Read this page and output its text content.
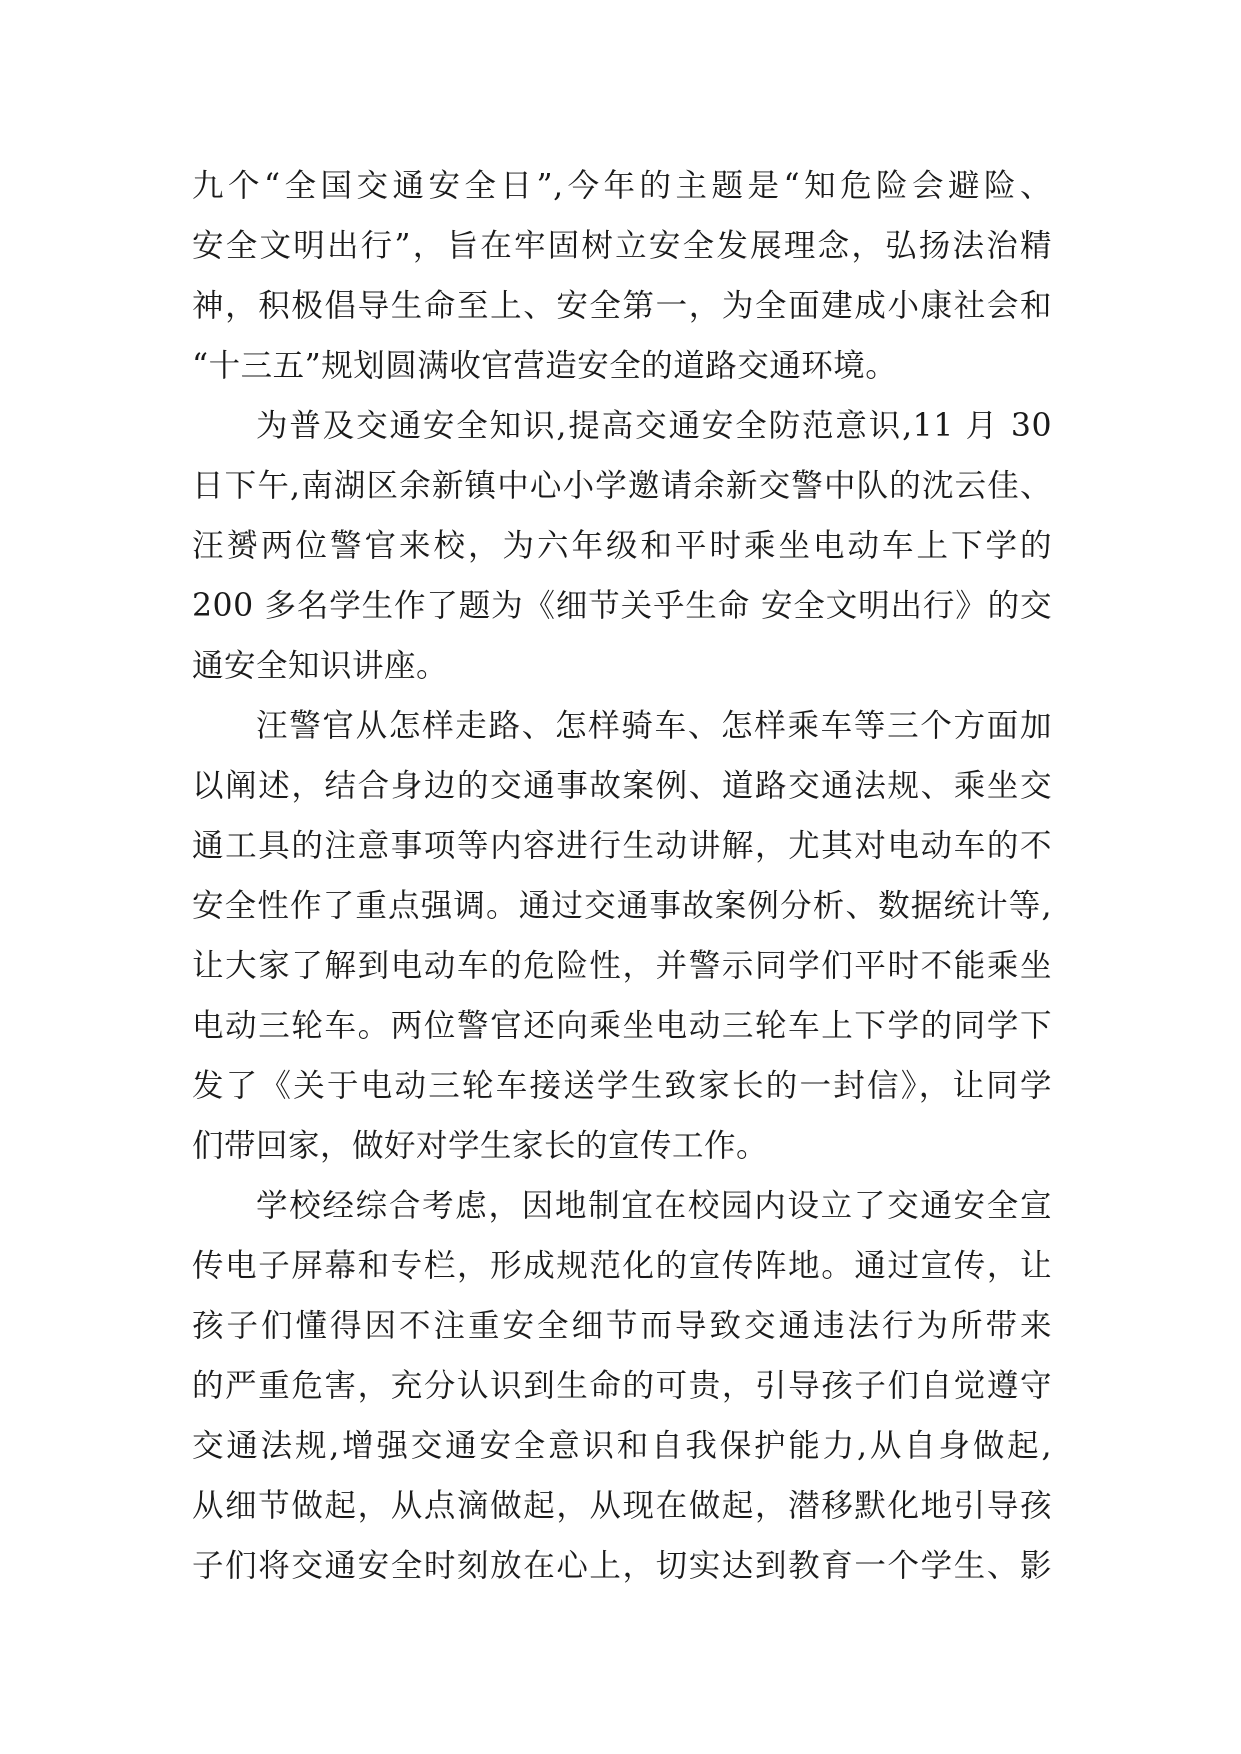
九个“全国交通安全日”,今年的主题是“知危险会避险、
安全文明出行”，旨在牢固树立安全发展理念，弘扬法治精
神，积极倡导生命至上、安全第一，为全面建成小康社会和
“十三五”规划圆满收官营造安全的道路交通环境。
为普及交通安全知识,提高交通安全防范意识,11 月 30
日下午,南湖区余新镇中心小学邀请余新交警中队的沈云佳、
汪赟两位警官来校，为六年级和平时乘坐电动车上下学的
200 多名学生作了题为《细节关乎生命 安全文明出行》的交
通安全知识讲座。
汪警官从怎样走路、怎样骑车、怎样乘车等三个方面加
以阐述，结合身边的交通事故案例、道路交通法规、乘坐交
通工具的注意事项等内容进行生动讲解，尤其对电动车的不
安全性作了重点强调。通过交通事故案例分析、数据统计等,
让大家了解到电动车的危险性，并警示同学们平时不能乘坐
电动三轮车。两位警官还向乘坐电动三轮车上下学的同学下
发了《关于电动三轮车接送学生致家长的一封信》，让同学
们带回家，做好对学生家长的宣传工作。
学校经综合考虑，因地制宜在校园内设立了交通安全宣
传电子屏幕和专栏，形成规范化的宣传阵地。通过宣传，让
孩子们懂得因不注重安全细节而导致交通违法行为所带来
的严重危害，充分认识到生命的可贵，引导孩子们自觉遵守
交通法规,增强交通安全意识和自我保护能力,从自身做起,
从细节做起，从点滴做起，从现在做起，潜移默化地引导孩
子们将交通安全时刻放在心上，切实达到教育一个学生、影
